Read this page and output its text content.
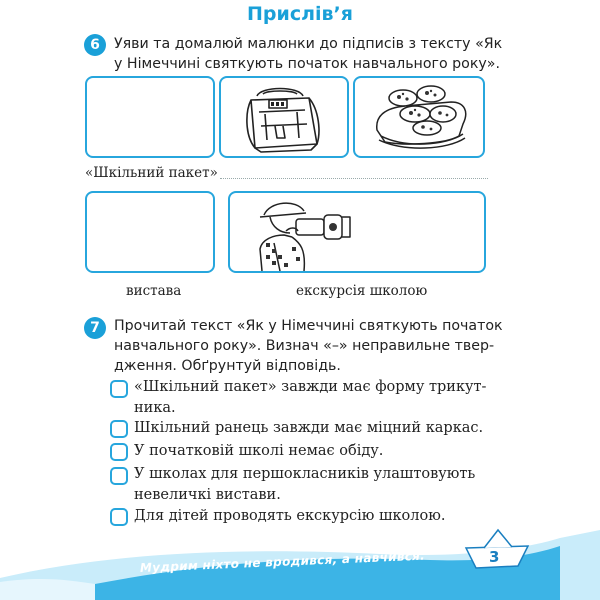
Прислів’я
6 Уяви та домалюй малюнки до підписів з тексту «Як
у Німеччині святкують початок навчального року».
«Шкільний пакет»
вистава	екскурсія школою
7 Прочитай текст «Як у Німеччині святкують початок
навчального року». Визнач «–» неправильне твер-
дження. Обґрунтуй відповідь.
«Шкільний пакет» завжди має форму трикут-
ника.
Шкільний ранець завжди має міцний каркас.
У початковій школі немає обіду.
У школах для першокласників улаштовують
невеличкі вистави.
Для дітей проводять екскурсію школою.
Мудрим ніхто не вродився, а навчився.	3
